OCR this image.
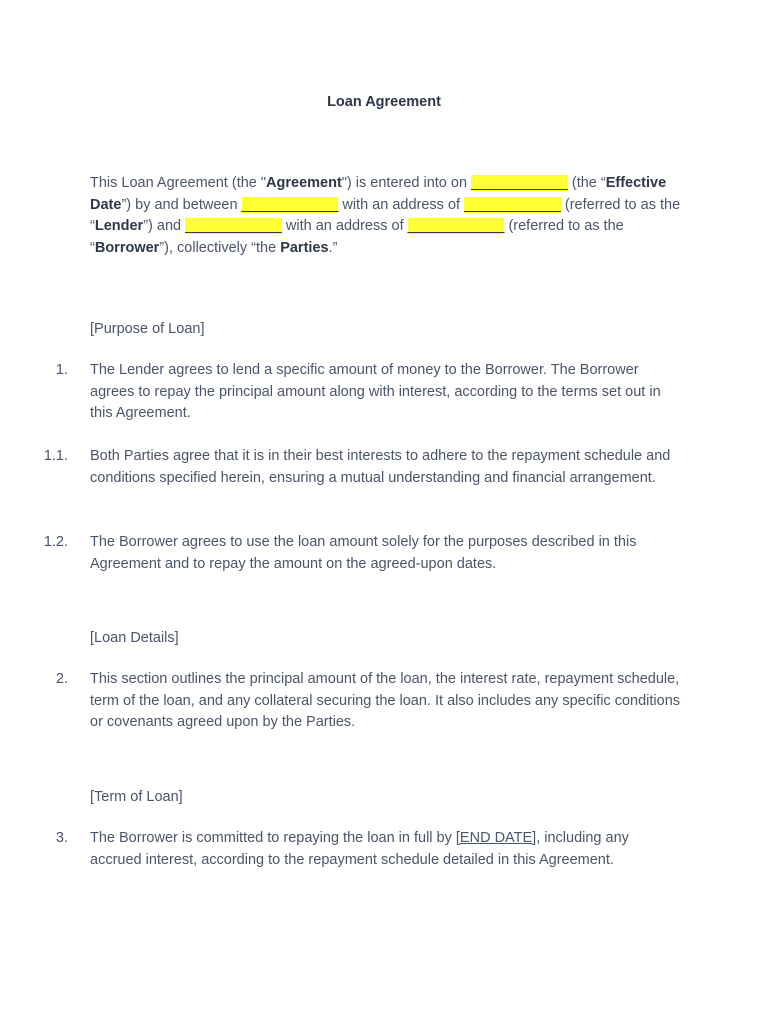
Loan Agreement
This Loan Agreement (the "Agreement") is entered into on ____________ (the “Effective Date”) by and between ____________ with an address of ____________ (referred to as the “Lender”) and ____________ with an address of ____________ (referred to as the “Borrower”), collectively “the Parties.”
[Purpose of Loan]
1. The Lender agrees to lend a specific amount of money to the Borrower. The Borrower agrees to repay the principal amount along with interest, according to the terms set out in this Agreement.
1.1. Both Parties agree that it is in their best interests to adhere to the repayment schedule and conditions specified herein, ensuring a mutual understanding and financial arrangement.
1.2. The Borrower agrees to use the loan amount solely for the purposes described in this Agreement and to repay the amount on the agreed-upon dates.
[Loan Details]
2. This section outlines the principal amount of the loan, the interest rate, repayment schedule, term of the loan, and any collateral securing the loan. It also includes any specific conditions or covenants agreed upon by the Parties.
[Term of Loan]
3. The Borrower is committed to repaying the loan in full by [END DATE], including any accrued interest, according to the repayment schedule detailed in this Agreement.
